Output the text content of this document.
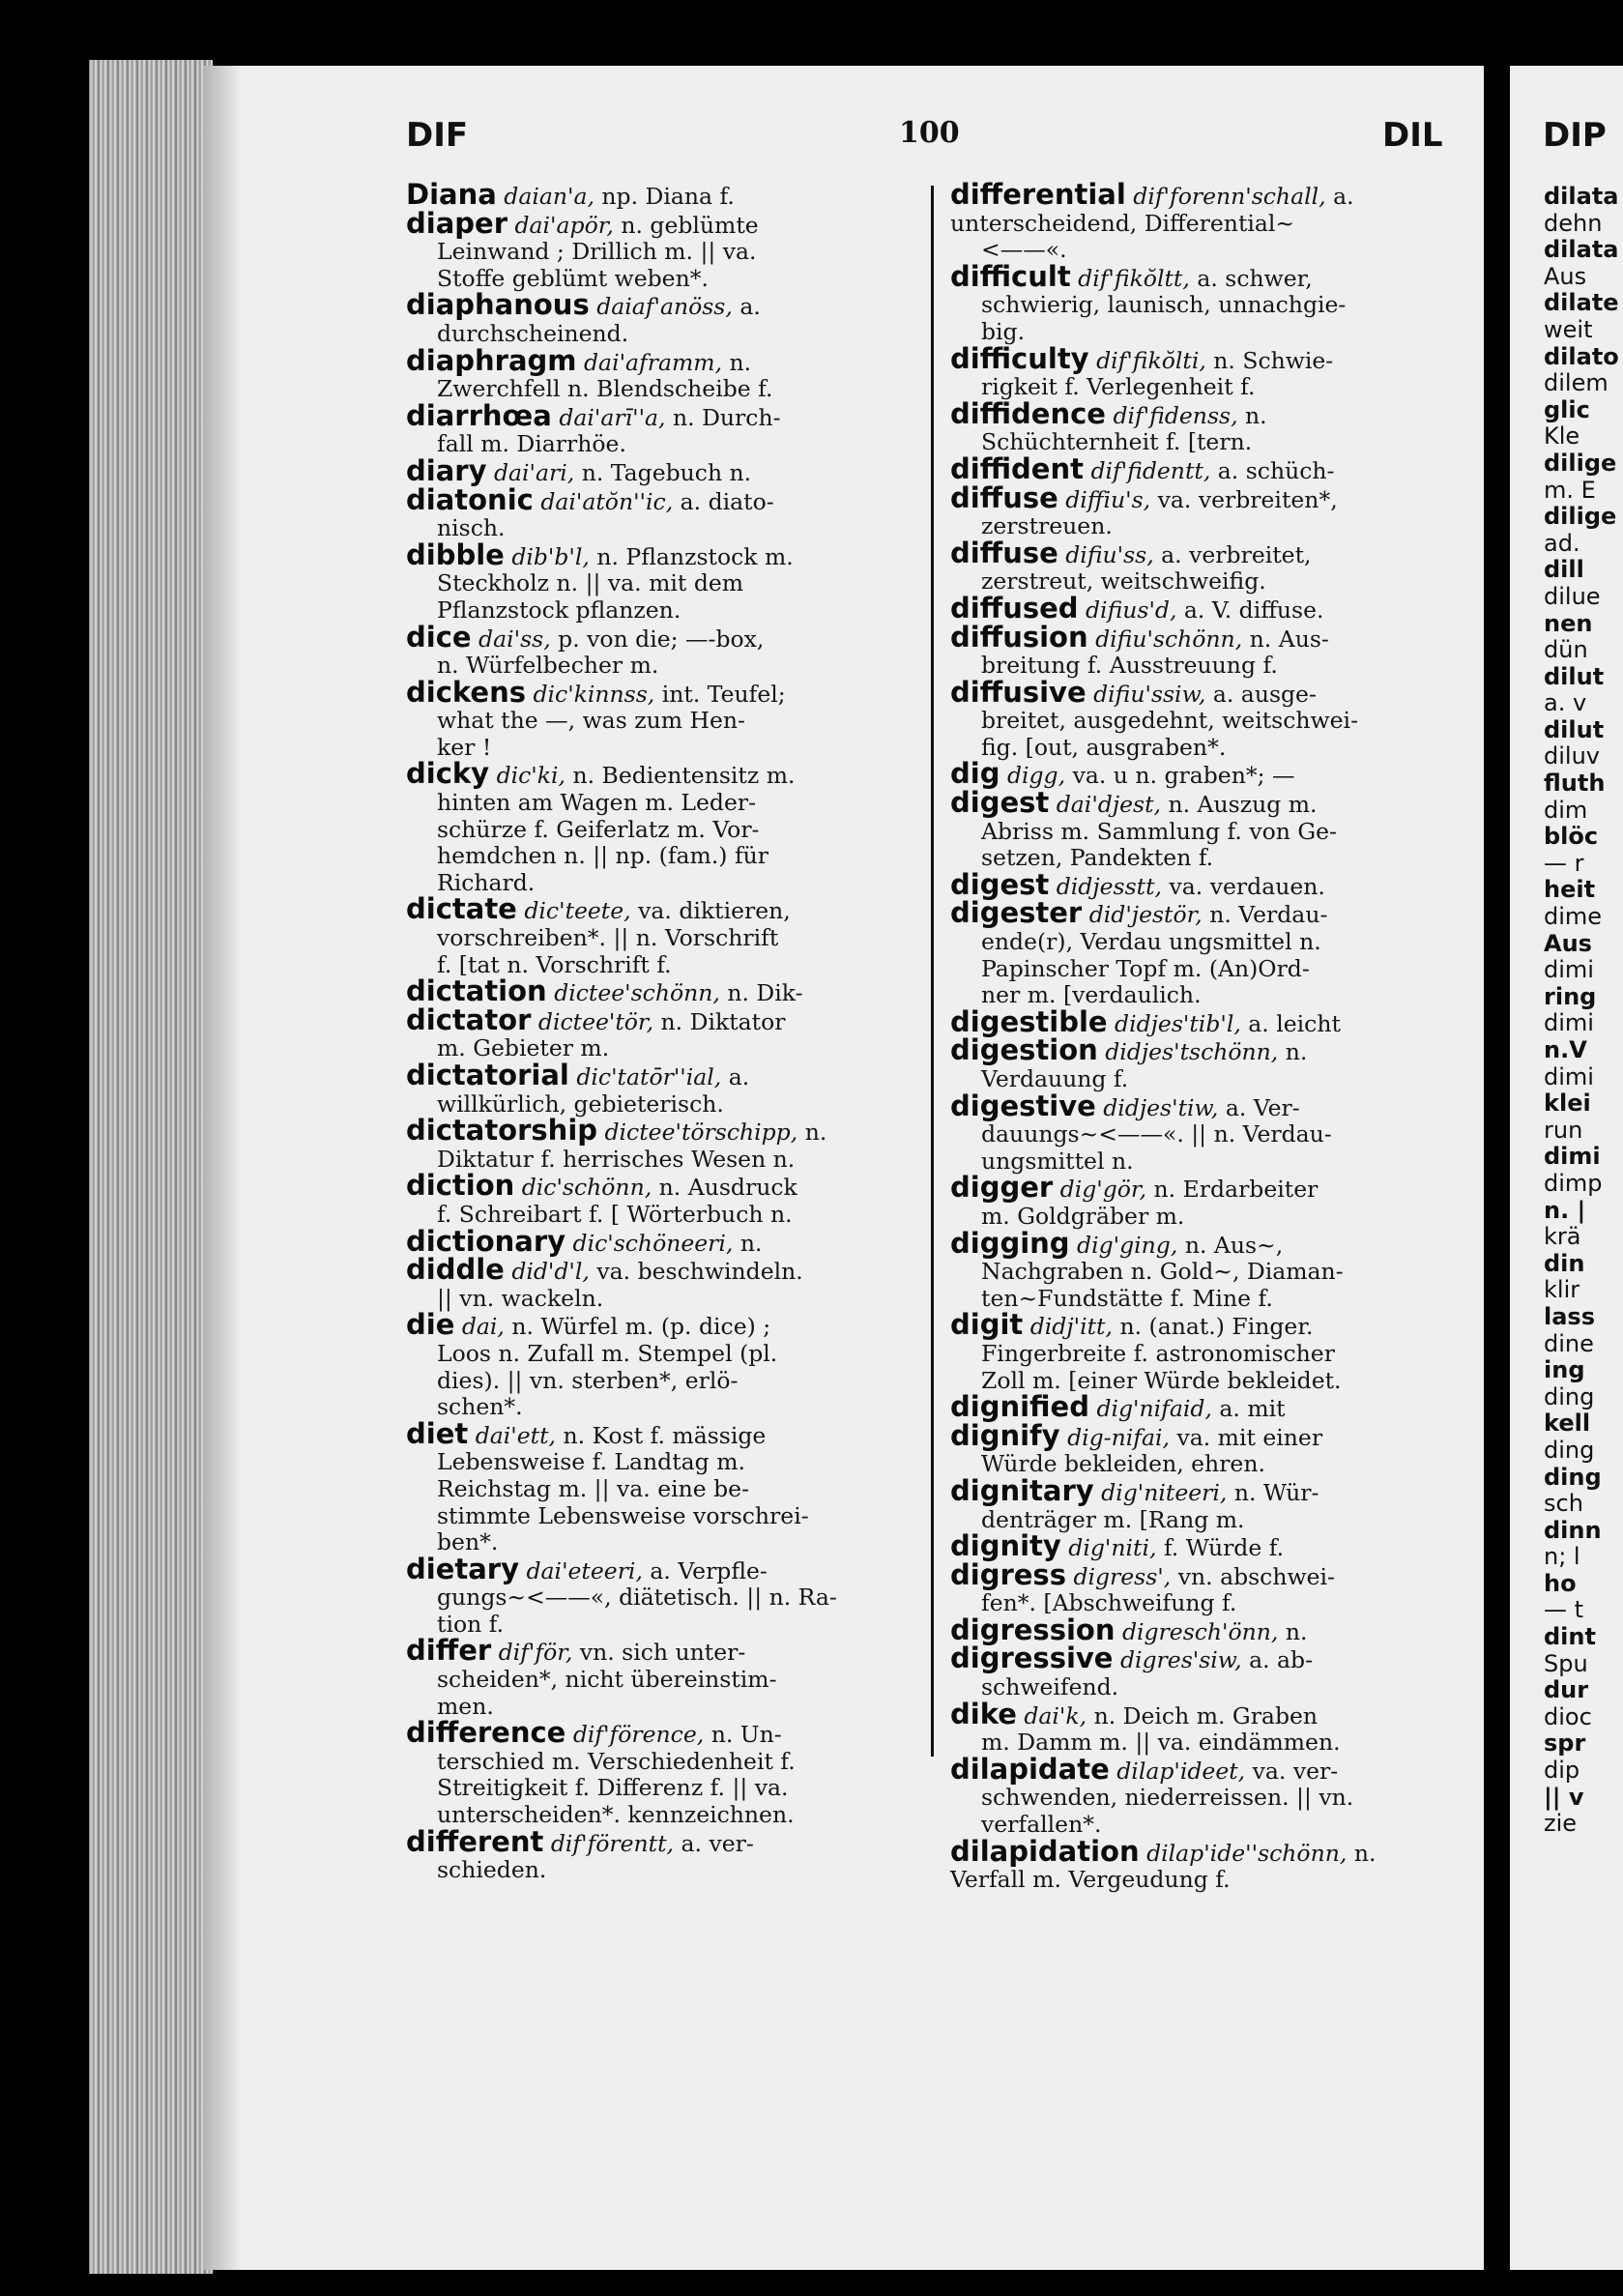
DIF	100	DIL
Diana daian'a, np. Diana f.
diaper dai'apör, n. geblümte
Leinwand ; Drillich m. || va.
Stoffe geblümt weben*.
diaphanous daiaf'anöss, a.
durchscheinend.
diaphragm dai'aframm, n.
Zwerchfell n. Blendscheibe f.
diarrhœa dai'arī''a, n. Durch-
fall m. Diarrhöe.
diary dai'ari, n. Tagebuch n.
diatonic dai'atŏn''ic, a. diato-
nisch.
dibble dib'b'l, n. Pflanzstock m.
Steckholz n. || va. mit dem
Pflanzstock pflanzen.
dice dai'ss, p. von die; —-box,
n. Würfelbecher m.
dickens dic'kinnss, int. Teufel;
what the —, was zum Hen-
ker !
dicky dic'ki, n. Bedientensitz m.
hinten am Wagen m. Leder-
schürze f. Geiferlatz m. Vor-
hemdchen n. || np. (fam.) für
Richard.
dictate dic'teete, va. diktieren,
vorschreiben*. || n. Vorschrift
f. [tat n. Vorschrift f.
dictation dictee'schönn, n. Dik-
dictator dictee'tör, n. Diktator
m. Gebieter m.
dictatorial dic'tatōr''ial, a.
willkürlich, gebieterisch.
dictatorship dictee'törschipp, n.
Diktatur f. herrisches Wesen n.
diction dic'schönn, n. Ausdruck
f. Schreibart f. [ Wörterbuch n.
dictionary dic'schöneeri, n.
diddle did'd'l, va. beschwindeln.
|| vn. wackeln.
die dai, n. Würfel m. (p. dice) ;
Loos n. Zufall m. Stempel (pl.
dies). || vn. sterben*, erlö-
schen*.
diet dai'ett, n. Kost f. mässige
Lebensweise f. Landtag m.
Reichstag m. || va. eine be-
stimmte Lebensweise vorschrei-
ben*.
dietary dai'eteeri, a. Verpfle-
gungs~<——«, diätetisch. || n. Ra-
tion f.
differ dif'för, vn. sich unter-
scheiden*, nicht übereinstim-
men.
difference dif'förence, n. Un-
terschied m. Verschiedenheit f.
Streitigkeit f. Differenz f. || va.
unterscheiden*. kennzeichnen.
different dif'förentt, a. ver-
schieden.
differential dif'forenn'schall, a. unterscheidend, Differential~
<——«.
difficult dif'fikŏltt, a. schwer,
schwierig, launisch, unnachgie-
big.
difficulty dif'fikŏlti, n. Schwie-
rigkeit f. Verlegenheit f.
diffidence dif'fidenss, n.
Schüchternheit f. [tern.
diffident dif'fidentt, a. schüch-
diffuse diffiu's, va. verbreiten*,
zerstreuen.
diffuse difiu'ss, a. verbreitet,
zerstreut, weitschweifig.
diffused difius'd, a. V. diffuse.
diffusion difiu'schönn, n. Aus-
breitung f. Ausstreuung f.
diffusive difiu'ssiw, a. ausge-
breitet, ausgedehnt, weitschwei-
fig. [out, ausgraben*.
dig digg, va. u n. graben*; —
digest dai'djest, n. Auszug m.
Abriss m. Sammlung f. von Ge-
setzen, Pandekten f.
digest didjesstt, va. verdauen.
digester did'jestör, n. Verdau-
ende(r), Verdau ungsmittel n.
Papinscher Topf m. (An)Ord-
ner m. [verdaulich.
digestible didjes'tib'l, a. leicht
digestion didjes'tschönn, n.
Verdauung f.
digestive didjes'tiw, a. Ver-
dauungs~<——«. || n. Verdau-
ungsmittel n.
digger dig'gör, n. Erdarbeiter
m. Goldgräber m.
digging dig'ging, n. Aus~,
Nachgraben n. Gold~, Diaman-
ten~Fundstätte f. Mine f.
digit didj'itt, n. (anat.) Finger.
Fingerbreite f. astronomischer
Zoll m. [einer Würde bekleidet.
dignified dig'nifaid, a. mit
dignify dig-nifai, va. mit einer
Würde bekleiden, ehren.
dignitary dig'niteeri, n. Wür-
denträger m. [Rang m.
dignity dig'niti, f. Würde f.
digress digress', vn. abschwei-
fen*. [Abschweifung f.
digression digresch'önn, n.
digressive digres'siw, a. ab-
schweifend.
dike dai'k, n. Deich m. Graben
m. Damm m. || va. eindämmen.
dilapidate dilap'ideet, va. ver-
schwenden, niederreissen. || vn.
verfallen*.
dilapidation dilap'ide''schönn, n. Verfall m. Vergeudung f.
DIP
dilata
dehn
dilata
Aus
dilate
weit
dilato
dilem
glic
Kle
dilige
m. E
dilige
ad.
dill
dilue
nen
dün
dilut
a. v
dilut
diluv
fluth
dim
blöc
— r
heit
dime
Aus
dimi
ring
dimi
n.V
dimi
klei
run
dimi
dimp
n. |
krä
din
klir
lass
dine
ing
ding
kell
ding
ding
sch
dinn
n; l
ho
— t
dint
Spu
dur
dioc
spr
dip
|| v
zie
